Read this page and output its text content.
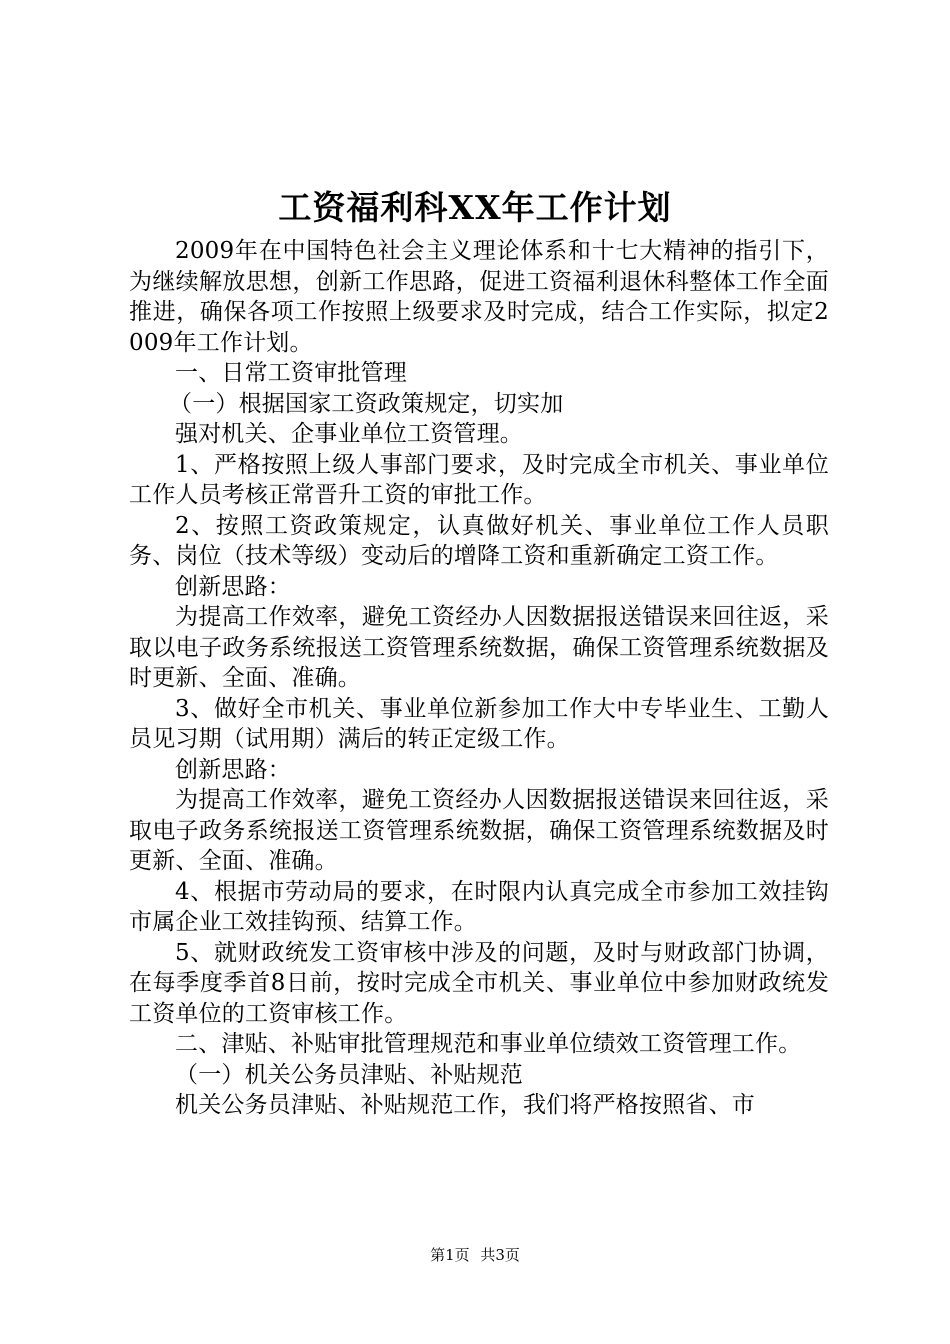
工资福利科XX年工作计划

2009年在中国特色社会主义理论体系和十七大精神的指引下，为继续解放思想，创新工作思路，促进工资福利退休科整体工作全面推进，确保各项工作按照上级要求及时完成，结合工作实际，拟定2009年工作计划。

一、日常工资审批管理

（一）根据国家工资政策规定，切实加

强对机关、企事业单位工资管理。

1、严格按照上级人事部门要求，及时完成全市机关、事业单位工作人员考核正常晋升工资的审批工作。

2、按照工资政策规定，认真做好机关、事业单位工作人员职务、岗位（技术等级）变动后的增降工资和重新确定工资工作。

创新思路：

为提高工作效率，避免工资经办人因数据报送错误来回往返，采取以电子政务系统报送工资管理系统数据，确保工资管理系统数据及时更新、全面、准确。

3、做好全市机关、事业单位新参加工作大中专毕业生、工勤人员见习期（试用期）满后的转正定级工作。

创新思路：

为提高工作效率，避免工资经办人因数据报送错误来回往返，采取电子政务系统报送工资管理系统数据，确保工资管理系统数据及时更新、全面、准确。

4、根据市劳动局的要求，在时限内认真完成全市参加工效挂钩市属企业工效挂钩预、结算工作。

5、就财政统发工资审核中涉及的问题，及时与财政部门协调，在每季度季首8日前，按时完成全市机关、事业单位中参加财政统发工资单位的工资审核工作。

二、津贴、补贴审批管理规范和事业单位绩效工资管理工作。

（一）机关公务员津贴、补贴规范

机关公务员津贴、补贴规范工作，我们将严格按照省、市

第1页 共3页
